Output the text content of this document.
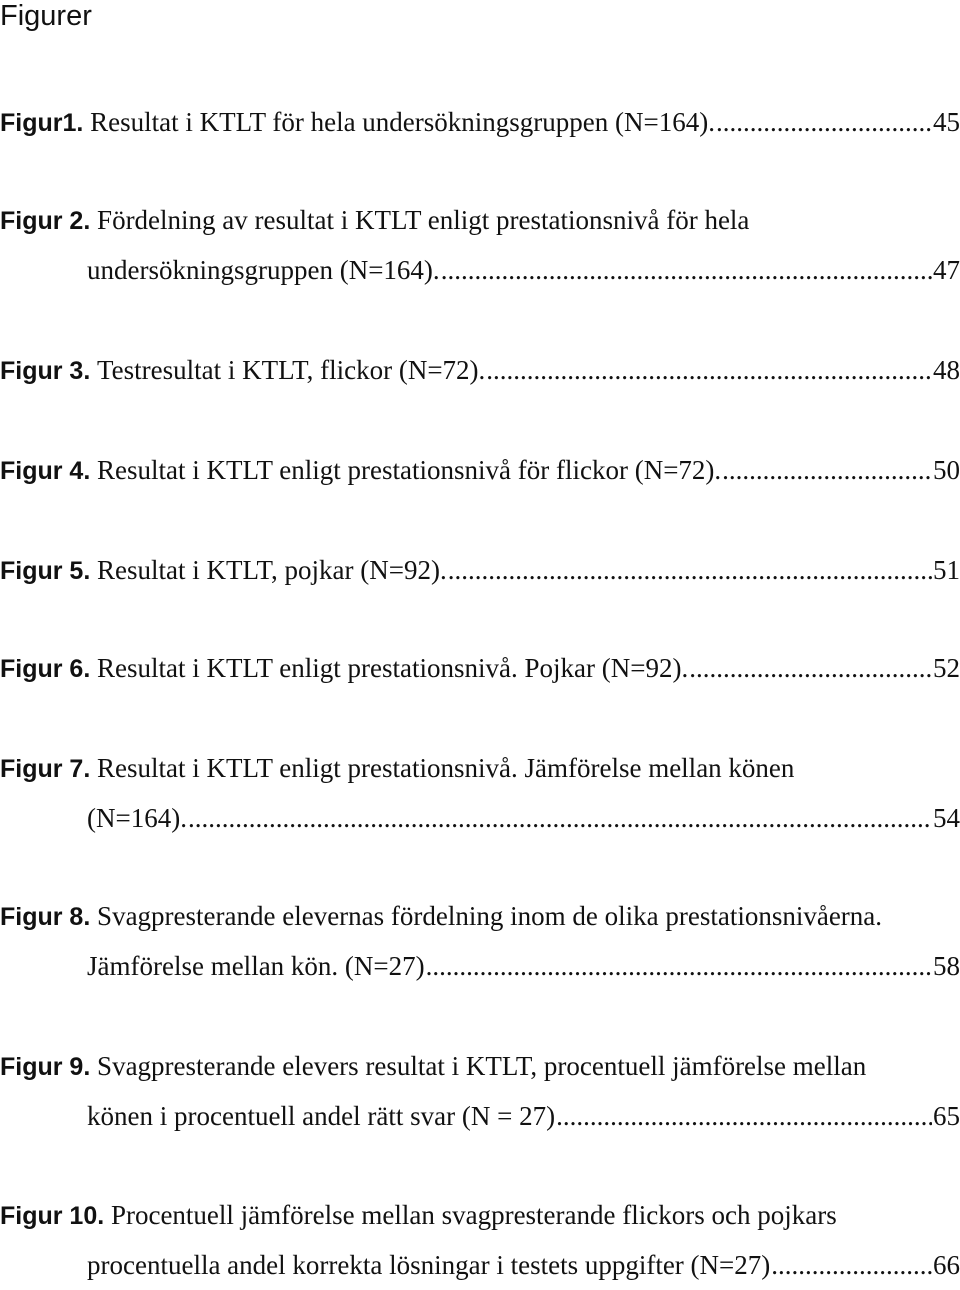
Figurer
Figur1 .
Resultat i KTLT för hela undersökningsgruppen (N=164). .....	45
Figur 2 .
Fördelning av resultat i KTLT enligt prestationsnivå för hela
undersökningsgruppen (N=164). .....	47
Figur 3 .
Testresultat i KTLT, flickor (N=72). .....	48
Figur 4 .
Resultat i KTLT enligt prestationsnivå för flickor (N=72). .....	50
Figur 5 .
Resultat i KTLT, pojkar (N=92). .....	51
Figur 6 .
Resultat i KTLT enligt prestationsnivå. Pojkar (N=92). .....	52
Figur 7 .
Resultat i KTLT enligt prestationsnivå. Jämförelse mellan könen
(N=164). .....	54
Figur 8 .
Svagpresterande elevernas fördelning inom de olika prestationsnivåerna.
Jämförelse mellan kön. (N=27) .....	58
Figur 9 .
Svagpresterande elevers resultat i KTLT, procentuell jämförelse mellan
könen i procentuell andel rätt svar (N = 27) .....	65
Figur 10 .
Procentuell jämförelse mellan svagpresterande flickors och pojkars
procentuella andel korrekta lösningar i testets uppgifter (N=27) .....	66
